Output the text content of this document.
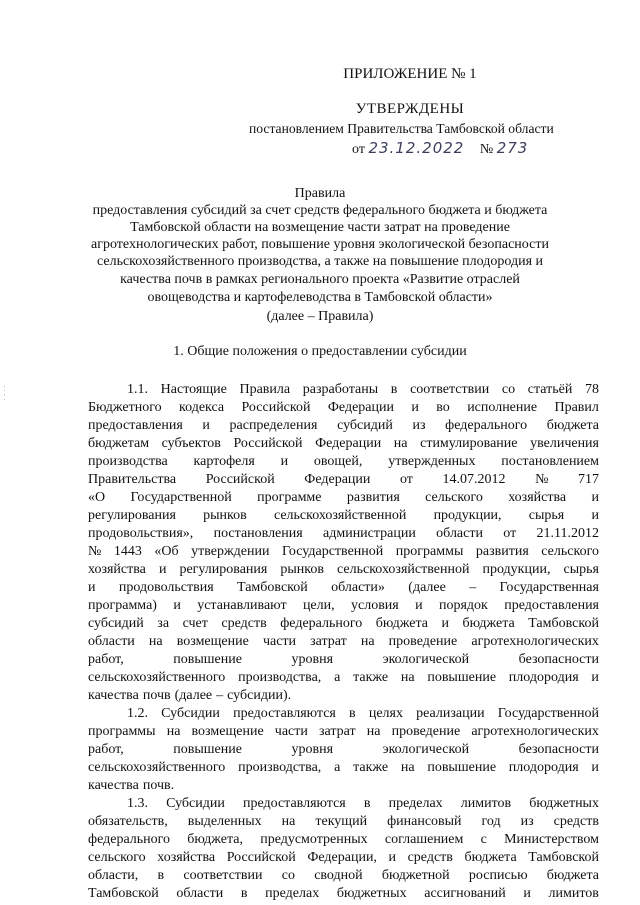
ПРИЛОЖЕНИЕ № 1
УТВЕРЖДЕНЫ
постановлением Правительства Тамбовской области
от 23.12.2022 № 273
Правила
предоставления субсидий за счет средств федерального бюджета и бюджета
Тамбовской области на возмещение части затрат на проведение
агротехнологических работ, повышение уровня экологической безопасности
сельскохозяйственного производства, а также на повышение плодородия и
качества почв в рамках регионального проекта «Развитие отраслей
овощеводства и картофелеводства в Тамбовской области»
(далее – Правила)
1. Общие положения о предоставлении субсидии
1.1. Настоящие Правила разработаны в соответствии со статьёй 78
Бюджетного кодекса Российской Федерации и во исполнение Правил
предоставления и распределения субсидий из федерального бюджета
бюджетам субъектов Российской Федерации на стимулирование увеличения
производства картофеля и овощей, утвержденных постановлением
Правительства Российской Федерации от 14.07.2012 № 717
«О Государственной программе развития сельского хозяйства и
регулирования рынков сельскохозяйственной продукции, сырья и
продовольствия», постановления администрации области от 21.11.2012
№ 1443 «Об утверждении Государственной программы развития сельского
хозяйства и регулирования рынков сельскохозяйственной продукции, сырья
и продовольствия Тамбовской области» (далее – Государственная
программа) и устанавливают цели, условия и порядок предоставления
субсидий за счет средств федерального бюджета и бюджета Тамбовской
области на возмещение части затрат на проведение агротехнологических
работ,	повышение	уровня	экологической	безопасности
сельскохозяйственного производства, а также на повышение плодородия и
качества почв (далее – субсидии).
1.2. Субсидии предоставляются в целях реализации Государственной
программы на возмещение части затрат на проведение агротехнологических
работ,	повышение	уровня	экологической	безопасности
сельскохозяйственного производства, а также на повышение плодородия и
качества почв.
1.3. Субсидии предоставляются в пределах лимитов бюджетных
обязательств, выделенных на текущий финансовый год из средств
федерального бюджета, предусмотренных соглашением с Министерством
сельского хозяйства Российской Федерации, и средств бюджета Тамбовской
области, в соответствии со сводной бюджетной росписью бюджета
Тамбовской области в пределах бюджетных ассигнований и лимитов
· · · ·
